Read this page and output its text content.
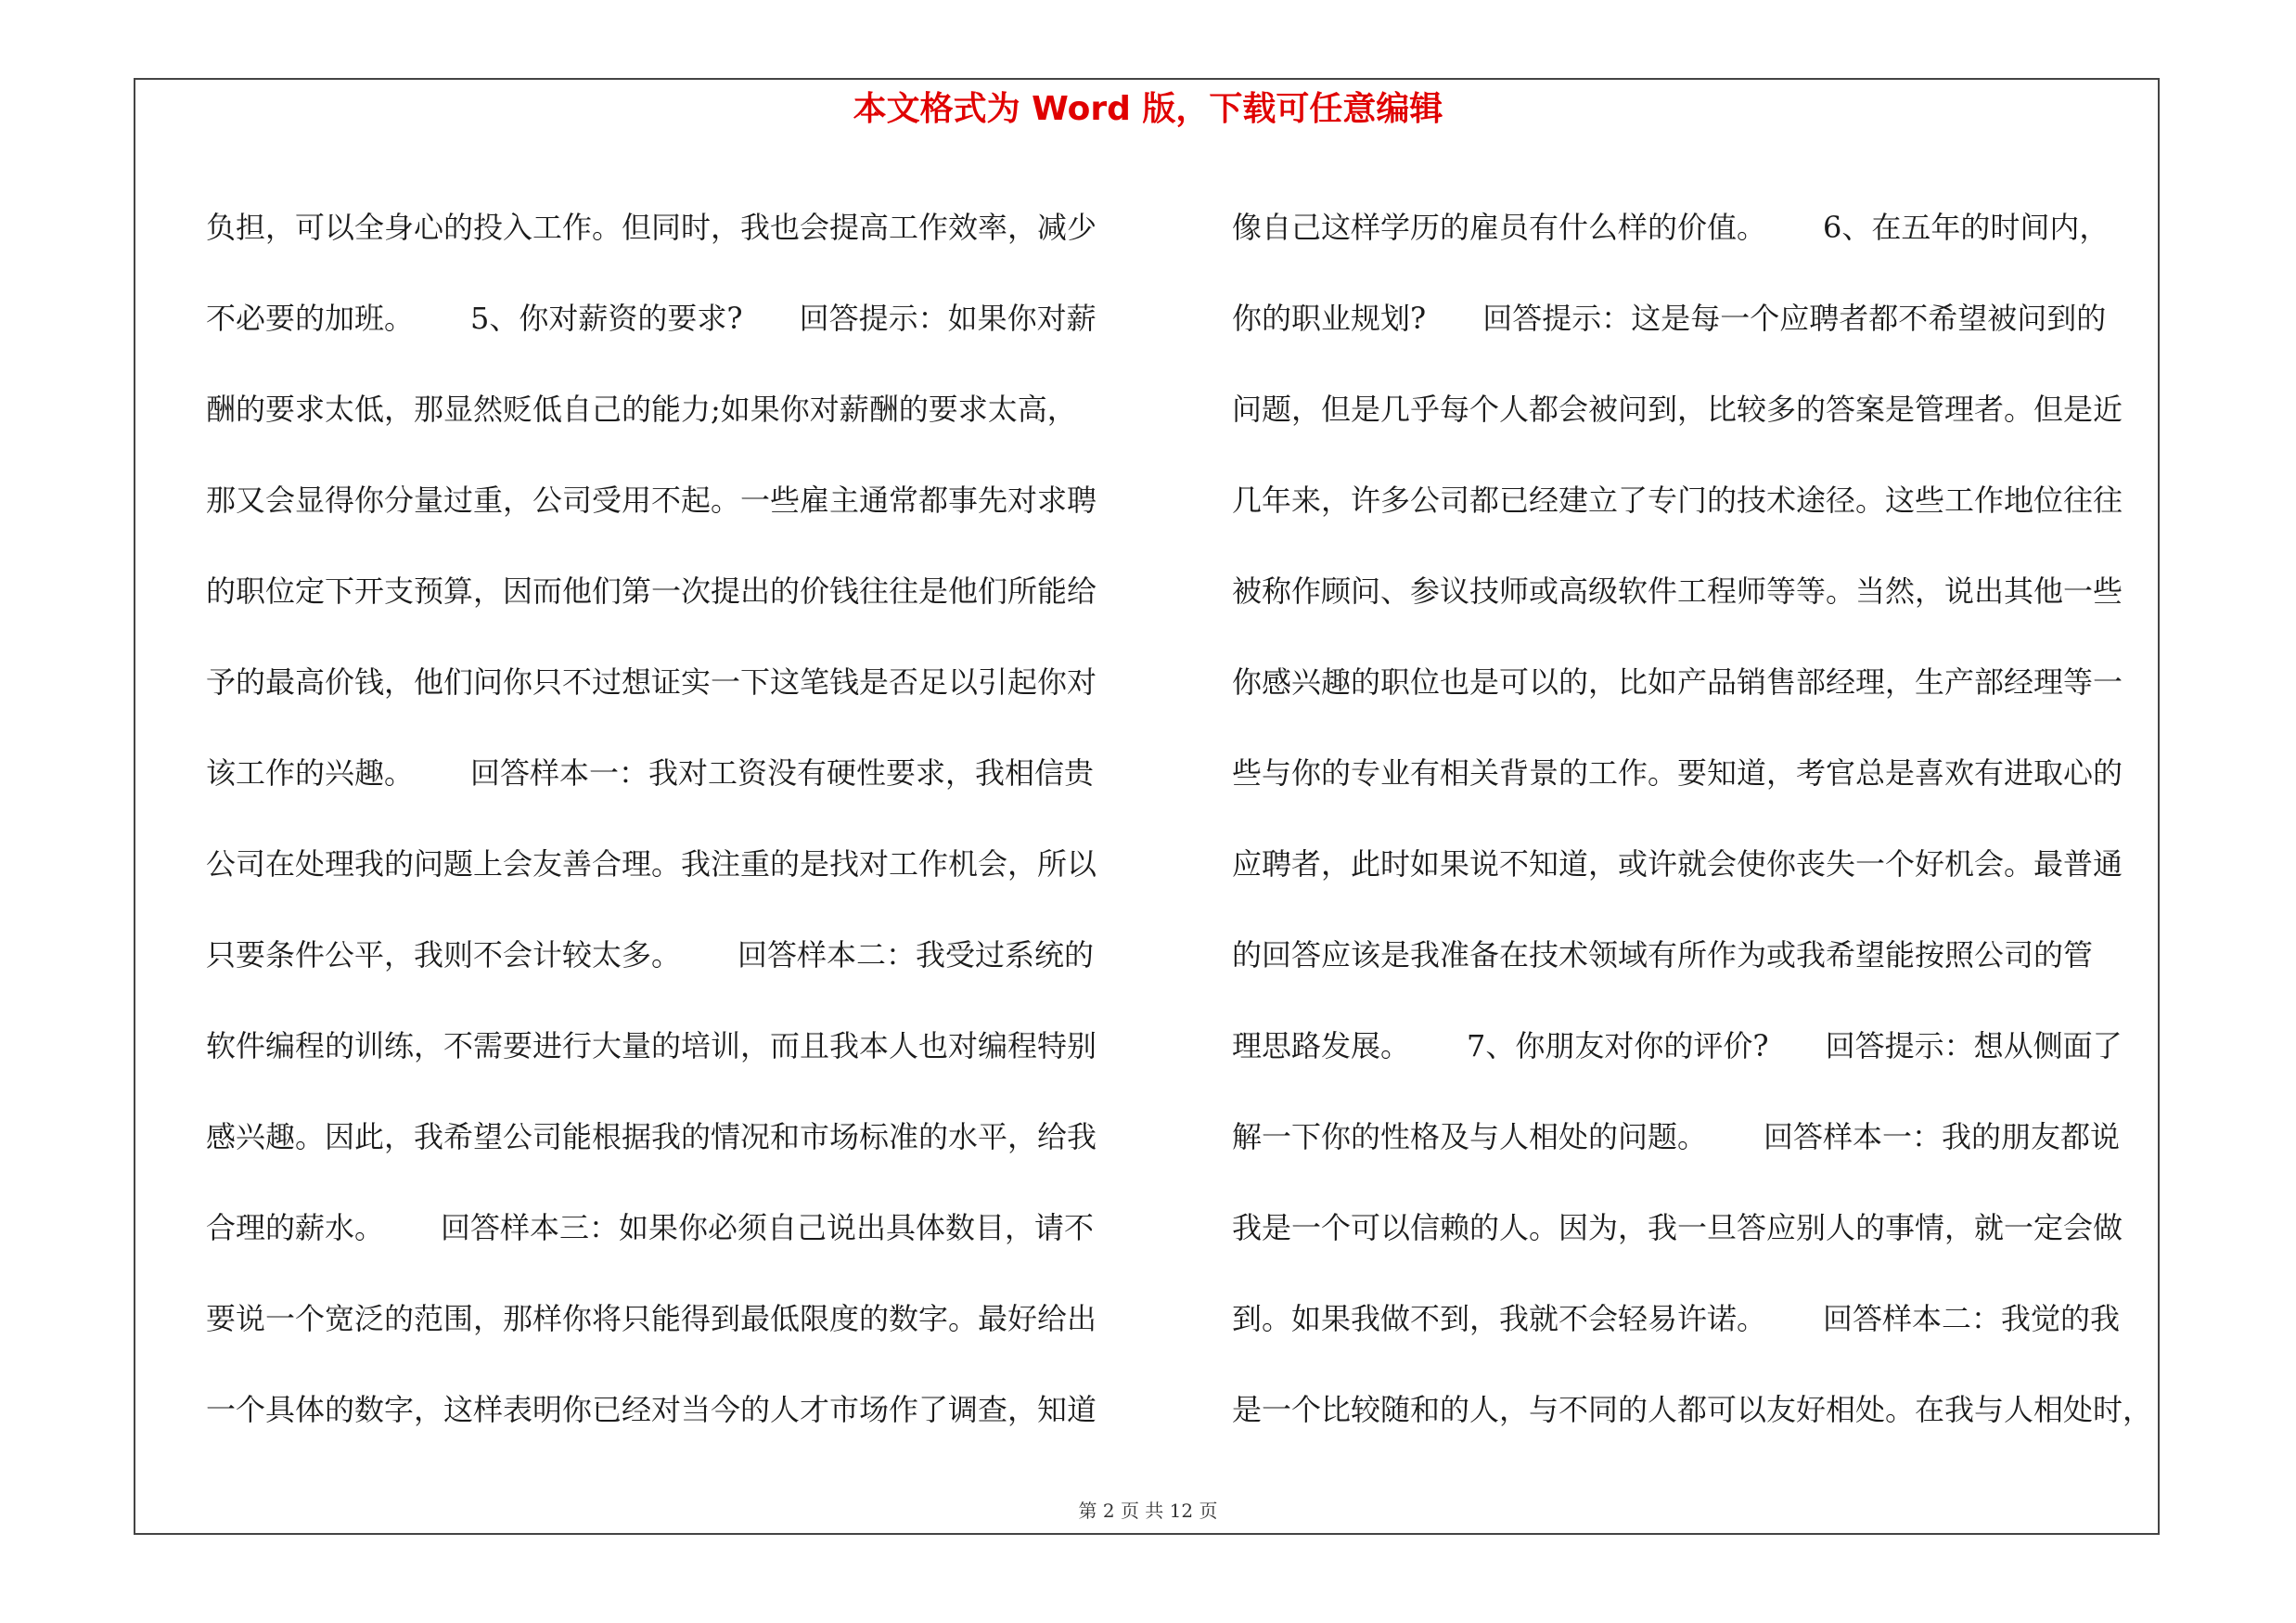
本文格式为 Word 版，下载可任意编辑
负担，可以全身心的投入工作。但同时，我也会提高工作效率，减少
不必要的加班。      5、你对薪资的要求?      回答提示：如果你对薪
酬的要求太低，那显然贬低自己的能力;如果你对薪酬的要求太高，
那又会显得你分量过重，公司受用不起。一些雇主通常都事先对求聘
的职位定下开支预算，因而他们第一次提出的价钱往往是他们所能给
予的最高价钱，他们问你只不过想证实一下这笔钱是否足以引起你对
该工作的兴趣。      回答样本一：我对工资没有硬性要求，我相信贵
公司在处理我的问题上会友善合理。我注重的是找对工作机会，所以
只要条件公平，我则不会计较太多。      回答样本二：我受过系统的
软件编程的训练，不需要进行大量的培训，而且我本人也对编程特别
感兴趣。因此，我希望公司能根据我的情况和市场标准的水平，给我
合理的薪水。      回答样本三：如果你必须自己说出具体数目，请不
要说一个宽泛的范围，那样你将只能得到最低限度的数字。最好给出
一个具体的数字，这样表明你已经对当今的人才市场作了调查，知道
像自己这样学历的雇员有什么样的价值。      6、在五年的时间内，
你的职业规划?      回答提示：这是每一个应聘者都不希望被问到的
问题，但是几乎每个人都会被问到，比较多的答案是管理者。但是近
几年来，许多公司都已经建立了专门的技术途径。这些工作地位往往
被称作顾问、参议技师或高级软件工程师等等。当然，说出其他一些
你感兴趣的职位也是可以的，比如产品销售部经理，生产部经理等一
些与你的专业有相关背景的工作。要知道，考官总是喜欢有进取心的
应聘者，此时如果说不知道，或许就会使你丧失一个好机会。最普通
的回答应该是我准备在技术领域有所作为或我希望能按照公司的管
理思路发展。      7、你朋友对你的评价?      回答提示：想从侧面了
解一下你的性格及与人相处的问题。      回答样本一：我的朋友都说
我是一个可以信赖的人。因为，我一旦答应别人的事情，就一定会做
到。如果我做不到，我就不会轻易许诺。      回答样本二：我觉的我
是一个比较随和的人，与不同的人都可以友好相处。在我与人相处时，
第 2 页 共 12 页
